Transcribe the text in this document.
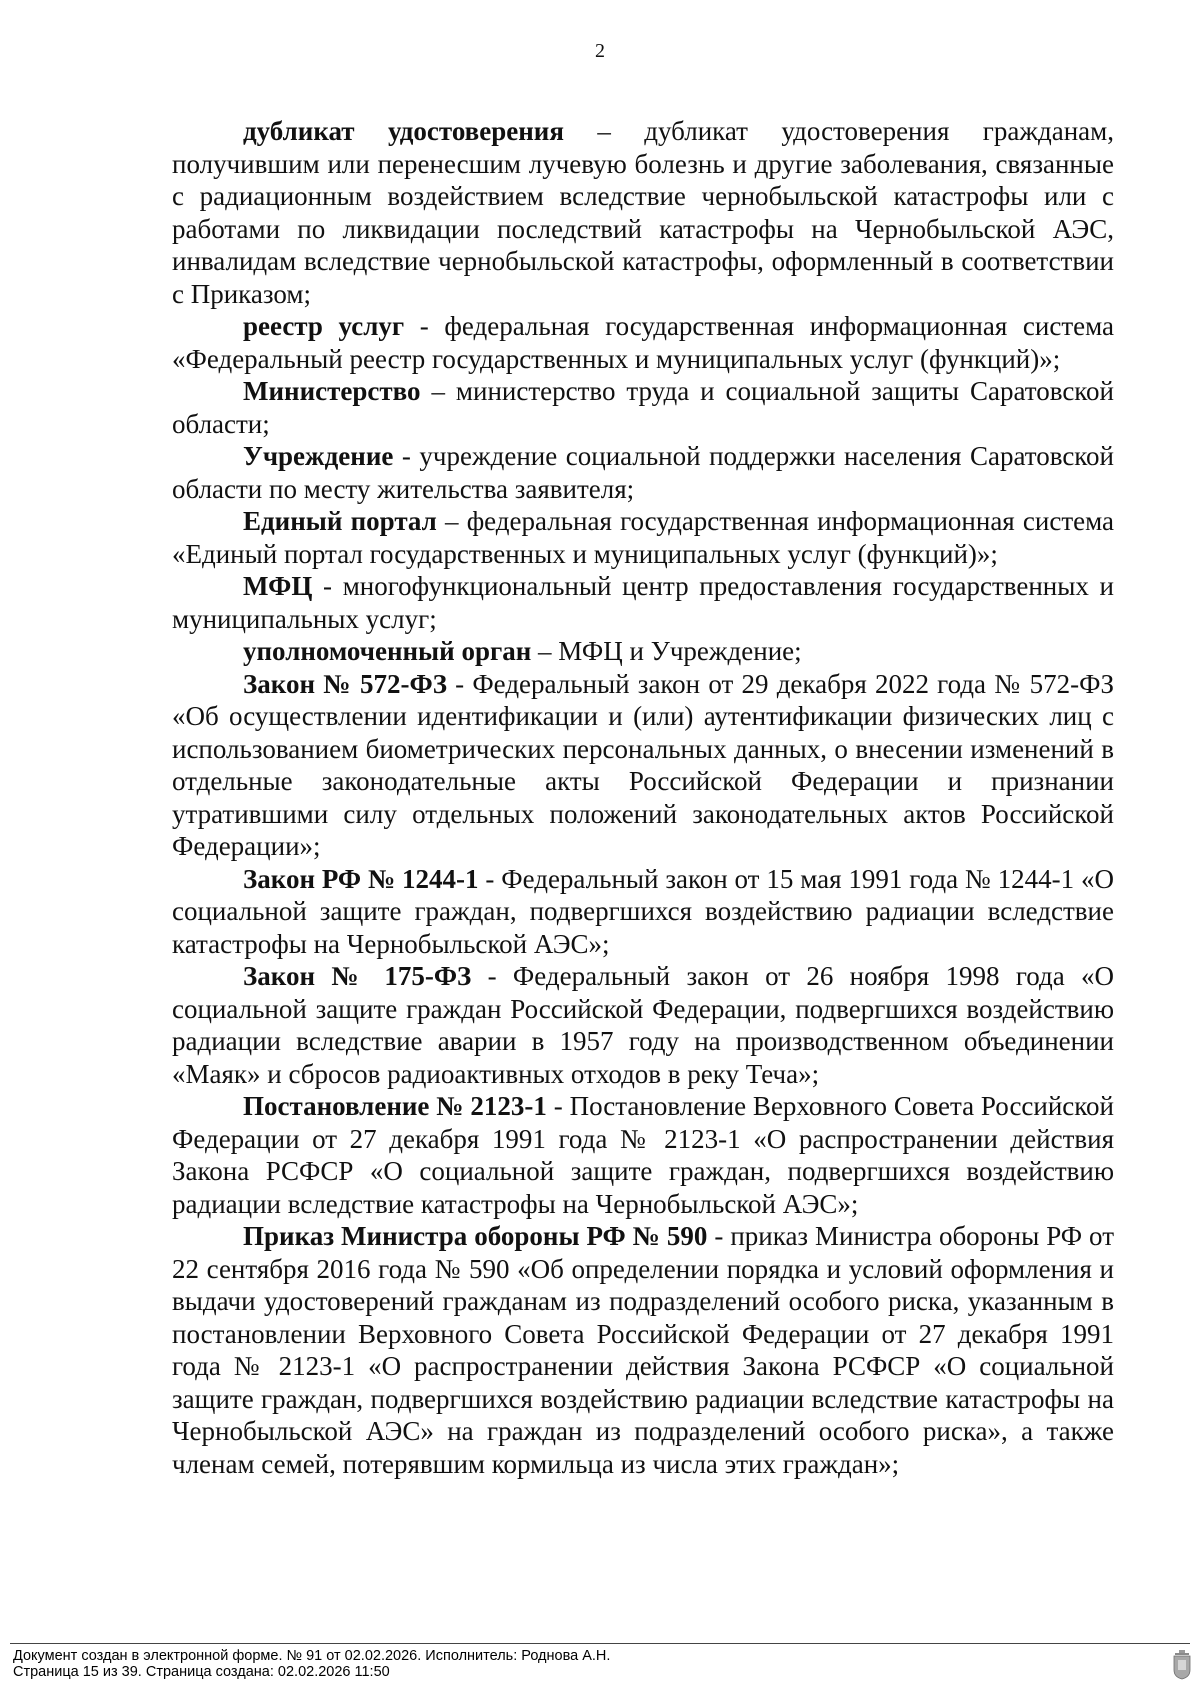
2

дубликат удостоверения – дубликат удостоверения гражданам, получившим или перенесшим лучевую болезнь и другие заболевания, связанные с радиационным воздействием вследствие чернобыльской катастрофы или с работами по ликвидации последствий катастрофы на Чернобыльской АЭС, инвалидам вследствие чернобыльской катастрофы, оформленный в соответствии с Приказом;

реестр услуг - федеральная государственная информационная система «Федеральный реестр государственных и муниципальных услуг (функций)»;

Министерство – министерство труда и социальной защиты Саратовской области;

Учреждение - учреждение социальной поддержки населения Саратовской области по месту жительства заявителя;

Единый портал – федеральная государственная информационная система «Единый портал государственных и муниципальных услуг (функций)»;

МФЦ - многофункциональный центр предоставления государственных и муниципальных услуг;

уполномоченный орган – МФЦ и Учреждение;

Закон № 572-ФЗ - Федеральный закон от 29 декабря 2022 года № 572-ФЗ «Об осуществлении идентификации и (или) аутентификации физических лиц с использованием биометрических персональных данных, о внесении изменений в отдельные законодательные акты Российской Федерации и признании утратившими силу отдельных положений законодательных актов Российской Федерации»;

Закон РФ № 1244-1 - Федеральный закон от 15 мая 1991 года № 1244-1 «О социальной защите граждан, подвергшихся воздействию радиации вследствие катастрофы на Чернобыльской АЭС»;

Закон № 175-ФЗ - Федеральный закон от 26 ноября 1998 года «О социальной защите граждан Российской Федерации, подвергшихся воздействию радиации вследствие аварии в 1957 году на производственном объединении «Маяк» и сбросов радиоактивных отходов в реку Теча»;

Постановление № 2123-1 - Постановление Верховного Совета Российской Федерации от 27 декабря 1991 года № 2123-1 «О распространении действия Закона РСФСР «О социальной защите граждан, подвергшихся воздействию радиации вследствие катастрофы на Чернобыльской АЭС»;

Приказ Министра обороны РФ № 590 - приказ Министра обороны РФ от 22 сентября 2016 года № 590 «Об определении порядка и условий оформления и выдачи удостоверений гражданам из подразделений особого риска, указанным в постановлении Верховного Совета Российской Федерации от 27 декабря 1991 года № 2123-1 «О распространении действия Закона РСФСР «О социальной защите граждан, подвергшихся воздействию радиации вследствие катастрофы на Чернобыльской АЭС» на граждан из подразделений особого риска», а также членам семей, потерявшим кормильца из числа этих граждан»;

Документ создан в электронной форме. № 91 от 02.02.2026. Исполнитель: Роднова А.Н.
Страница 15 из 39. Страница создана: 02.02.2026 11:50
